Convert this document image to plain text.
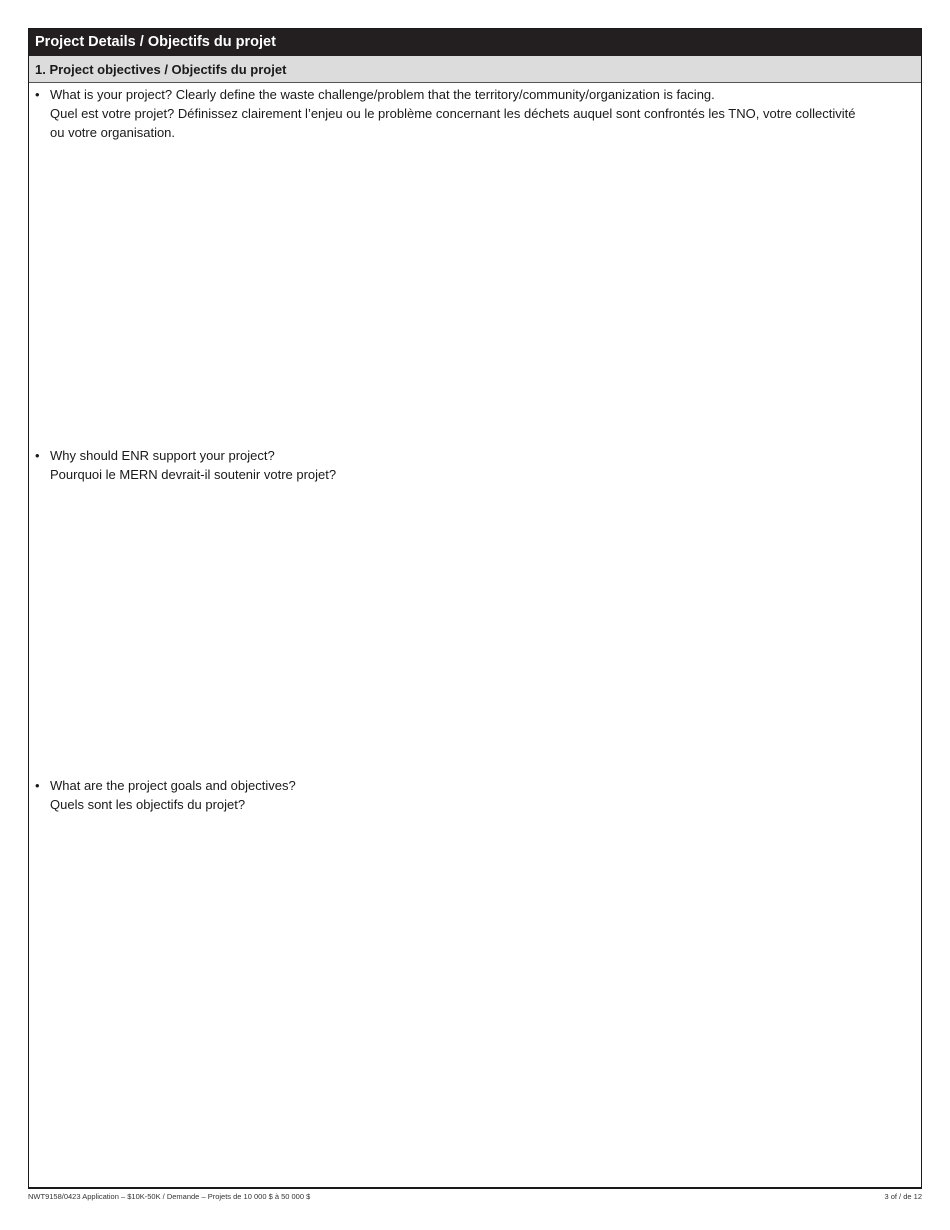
Project Details / Objectifs du projet
1. Project objectives / Objectifs du projet
• What is your project? Clearly define the waste challenge/problem that the territory/community/organization is facing.
Quel est votre projet? Définissez clairement l’enjeu ou le problème concernant les déchets auquel sont confrontés les TNO, votre collectivité
ou votre organisation.
• Why should ENR support your project?
Pourquoi le MERN devrait-il soutenir votre projet?
• What are the project goals and objectives?
Quels sont les objectifs du projet?
NWT9158/0423 Application – $10K-50K / Demande – Projets de 10 000 $ à 50 000 $	3 of / de 12
